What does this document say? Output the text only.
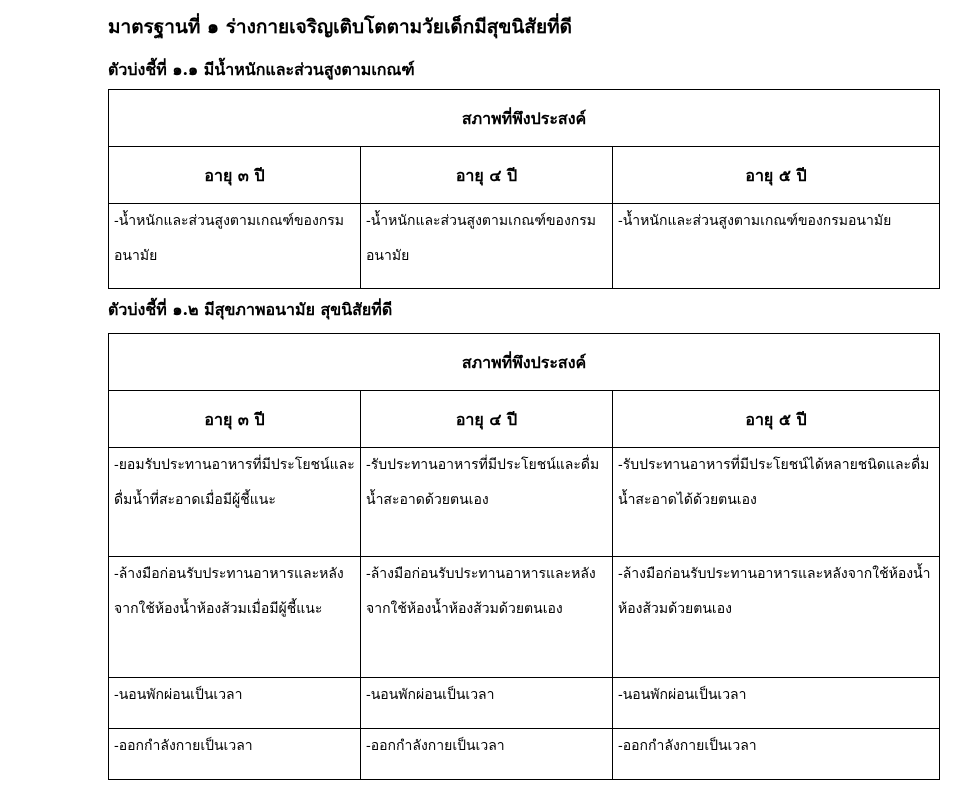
มาตรฐานที่ ๑ ร่างกายเจริญเติบโตตามวัยเด็กมีสุขนิสัยที่ดี
ตัวบ่งชี้ที่ ๑.๑ มีน้ำหนักและส่วนสูงตามเกณฑ์
สภาพที่พึงประสงค์		
อายุ ๓ ปี	อายุ ๔ ปี	อายุ ๕ ปี
-น้ำหนักและส่วนสูงตามเกณฑ์ของกรมอนามัย	-น้ำหนักและส่วนสูงตามเกณฑ์ของกรมอนามัย	-น้ำหนักและส่วนสูงตามเกณฑ์ของกรมอนามัย
ตัวบ่งชี้ที่ ๑.๒ มีสุขภาพอนามัย สุขนิสัยที่ดี
สภาพที่พึงประสงค์		
อายุ ๓ ปี	อายุ ๔ ปี	อายุ ๕ ปี
-ยอมรับประทานอาหารที่มีประโยชน์และดื่มน้ำที่สะอาดเมื่อมีผู้ชี้แนะ	-รับประทานอาหารที่มีประโยชน์และดื่มน้ำสะอาดด้วยตนเอง	-รับประทานอาหารที่มีประโยชน์ได้หลายชนิดและดื่มน้ำสะอาดได้ด้วยตนเอง
-ล้างมือก่อนรับประทานอาหารและหลังจากใช้ห้องน้ำห้องส้วมเมื่อมีผู้ชี้แนะ	-ล้างมือก่อนรับประทานอาหารและหลังจากใช้ห้องน้ำห้องส้วมด้วยตนเอง	-ล้างมือก่อนรับประทานอาหารและหลังจากใช้ห้องน้ำห้องส้วมด้วยตนเอง
-นอนพักผ่อนเป็นเวลา	-นอนพักผ่อนเป็นเวลา	-นอนพักผ่อนเป็นเวลา
-ออกกำลังกายเป็นเวลา	-ออกกำลังกายเป็นเวลา	-ออกกำลังกายเป็นเวลา
